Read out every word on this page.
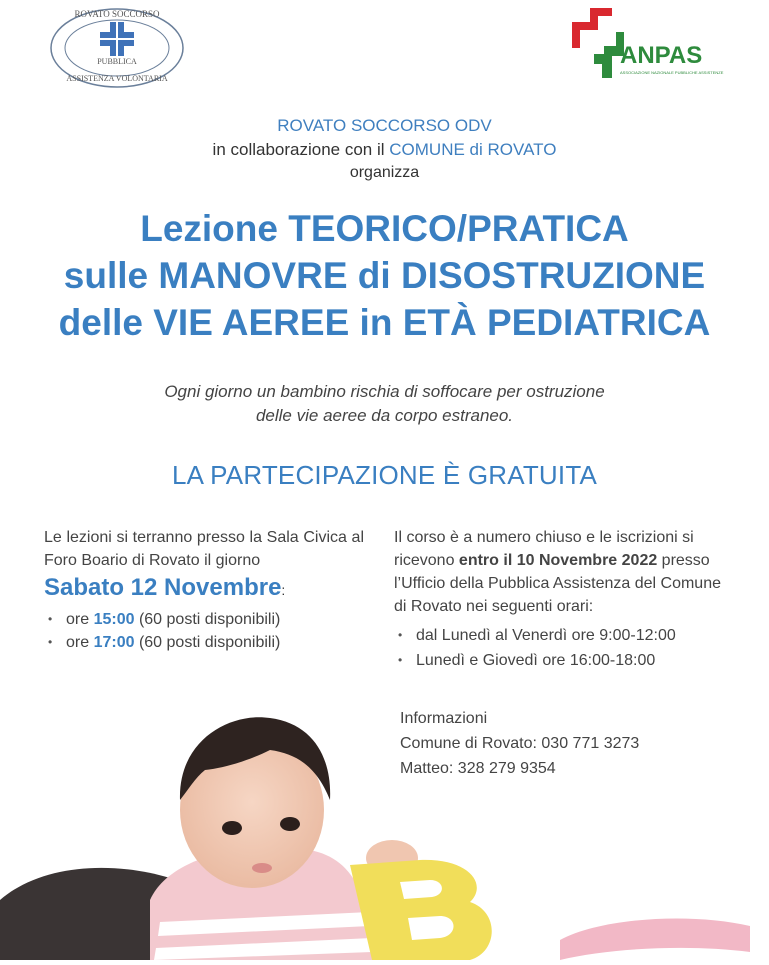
ROVATO SOCCORSO
PUBBLICA
ASSISTENZA VOLONTARIA
ANPAS
ASSOCIAZIONE NAZIONALE PUBBLICHE ASSISTENZE
ROVATO SOCCORSO ODV
in collaborazione con il COMUNE di ROVATO
organizza
Lezione TEORICO/PRATICA
sulle MANOVRE di DISOSTRUZIONE
delle VIE AEREE in ETÀ PEDIATRICA
Ogni giorno un bambino rischia di soffocare per ostruzione
delle vie aeree da corpo estraneo.
LA PARTECIPAZIONE È GRATUITA
Le lezioni si terranno presso la Sala Civica al Foro Boario di Rovato il giorno
Sabato 12 Novembre:
• ore 15:00 (60 posti disponibili)
• ore 17:00 (60 posti disponibili)
Il corso è a numero chiuso e le iscrizioni si ricevono entro il 10 Novembre 2022 presso l’Ufficio della Pubblica Assistenza del Comune di Rovato nei seguenti orari:
• dal Lunedì al Venerdì ore 9:00-12:00
• Lunedì e Giovedì ore 16:00-18:00
Informazioni
Comune di Rovato: 030 771 3273
Matteo: 328 279 9354
